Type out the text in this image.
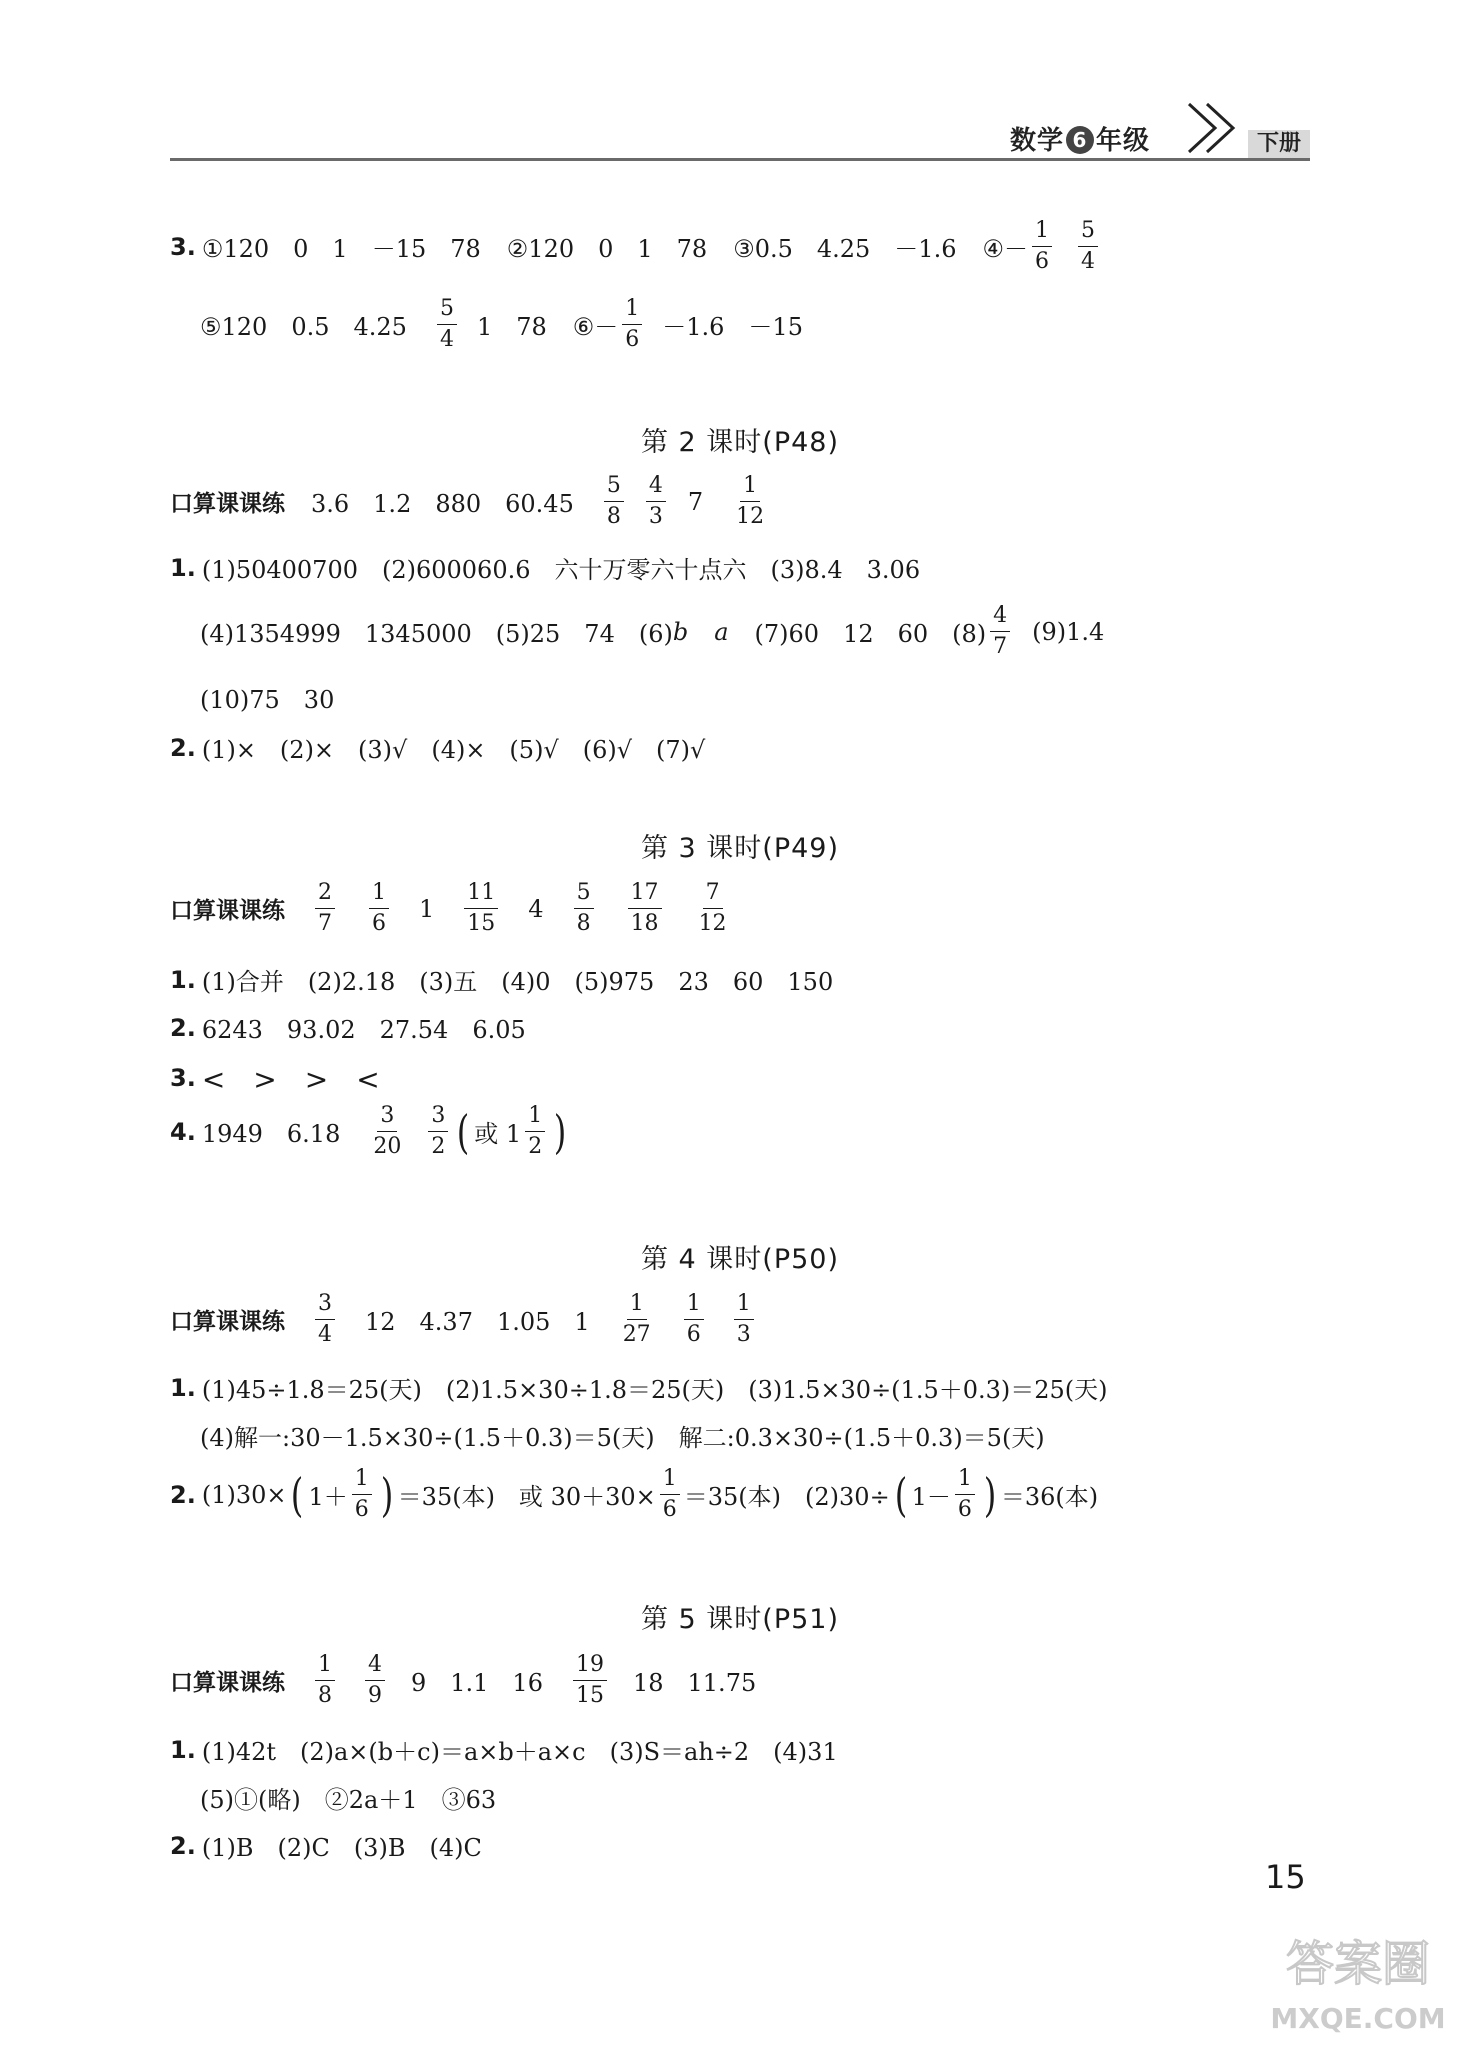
数学 6 年级	下册
3. ①120　0　1　－15　78 ②120　0　1　78 ③0.5　4.25　－1.6 ④－ $\frac{1}{6} \frac{5}{4}$
⑤120　0.5　$4.25 \frac{5}{4} 1$　78 ⑥－ $\frac{1}{6} -1.6$　－15
第 2 课时(P48)
口算课课练 3.6　1.2　880　$60.45 \frac{5}{8} \frac{4}{3} 7 \frac{1}{12}$
1. (1)50400700　(2)600060.6　六十万零六十点六　(3)8.4　3.06
(4)1354999　1345000　(5)25　74　(6) b a (7)60　12　60　$(8) \frac{4}{7} (9)1.4$
(10)75　30
2. (1)×　(2)×　(3)√　(4)×　(5)√　(6)√　(7)√
第 3 课时(P49)
口算课课练 $\frac{2}{7} \frac{1}{6} 1 \frac{11}{15} 4 \frac{5}{8} \frac{17}{18} \frac{7}{12}$
1. (1)合并　(2)2.18　(3)五　(4)0　(5)975　23　60　150
2. 6243　93.02　27.54　6.05
3. <　>　>　<
4. 1949　$6.18 \frac{3}{20} \frac{3}{2}$ ( 或 $1 \frac{1}{2}$ )
第 4 课时(P50)
口算课课练 $\frac{3}{4} 12$　4.37　1.05　$1 \frac{1}{27} \frac{1}{6} \frac{1}{3}$
1. (1)45÷1.8＝25(天)　(2)1.5×30÷1.8＝25(天)　(3)1.5×30÷(1.5＋0.3)＝25(天)
(4)解一:30－1.5×30÷(1.5＋0.3)＝5(天)　解二:0.3×30÷(1.5＋0.3)＝5(天)
2. (1)30× ( $1+ \frac{1}{6}$ ) ＝35(本)　或 $30+30\times \frac{1}{6} =35$(本)　(2)30÷ ( $1- \frac{1}{6}$ ) ＝36(本)
第 5 课时(P51)
口算课课练 $\frac{1}{8} \frac{4}{9} 9$　1.1　$16 \frac{19}{15} 18$　11.75
1. (1)42t　(2)a×(b＋c)＝a×b＋a×c　(3)S＝ah÷2　(4)31
(5)①(略)　②2a＋1　③63
2. (1)B　(2)C　(3)B　(4)C
15
答案圈
MXQE.COM
